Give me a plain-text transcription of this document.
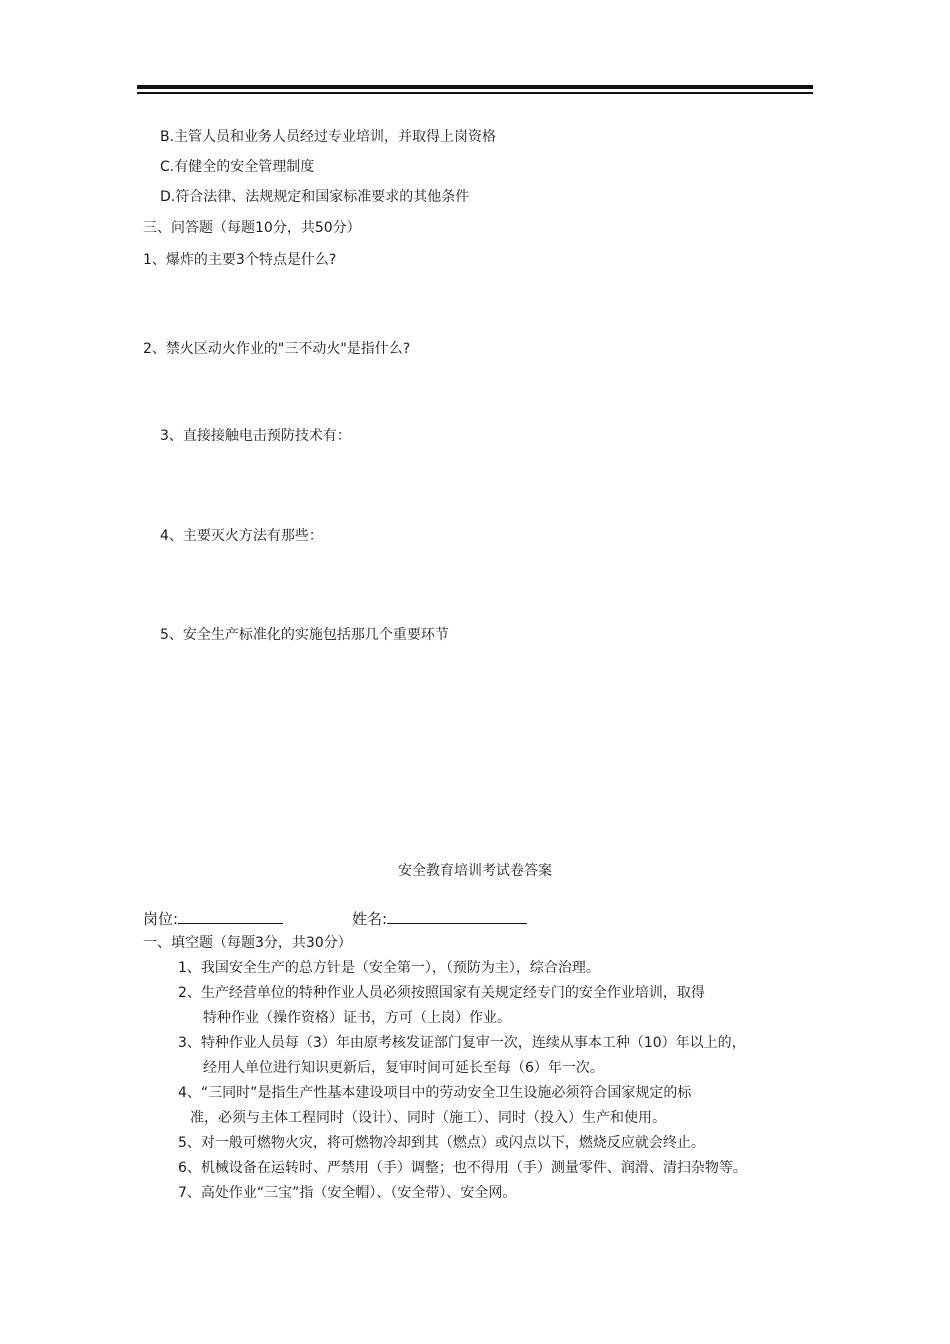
B.主管人员和业务人员经过专业培训，并取得上岗资格
C.有健全的安全管理制度
D.符合法律、法规规定和国家标准要求的其他条件
三、问答题（每题10分，共50分）
1、爆炸的主要3个特点是什么?
2、禁火区动火作业的"三不动火"是指什么?
3、直接接触电击预防技术有：
4、主要灭火方法有那些：
5、安全生产标准化的实施包括那几个重要环节
安全教育培训考试卷答案
岗位:	姓名:
一、填空题（每题3分，共30分）
1、我国安全生产的总方针是（安全第一），（预防为主），综合治理。
2、生产经营单位的特种作业人员必须按照国家有关规定经专门的安全作业培训，取得
特种作业（操作资格）证书，方可（上岗）作业。
3、特种作业人员每（3）年由原考核发证部门复审一次，连续从事本工种（10）年以上的，
经用人单位进行知识更新后，复审时间可延长至每（6）年一次。
4、“三同时”是指生产性基本建设项目中的劳动安全卫生设施必须符合国家规定的标
准，必须与主体工程同时（设计）、同时（施工）、同时（投入）生产和使用。
5、对一般可燃物火灾，将可燃物冷却到其（燃点）或闪点以下，燃烧反应就会终止。
6、机械设备在运转时、严禁用（手）调整；也不得用（手）测量零件、润滑、清扫杂物等。
7、高处作业“三宝”指（安全帽）、（安全带）、安全网。
